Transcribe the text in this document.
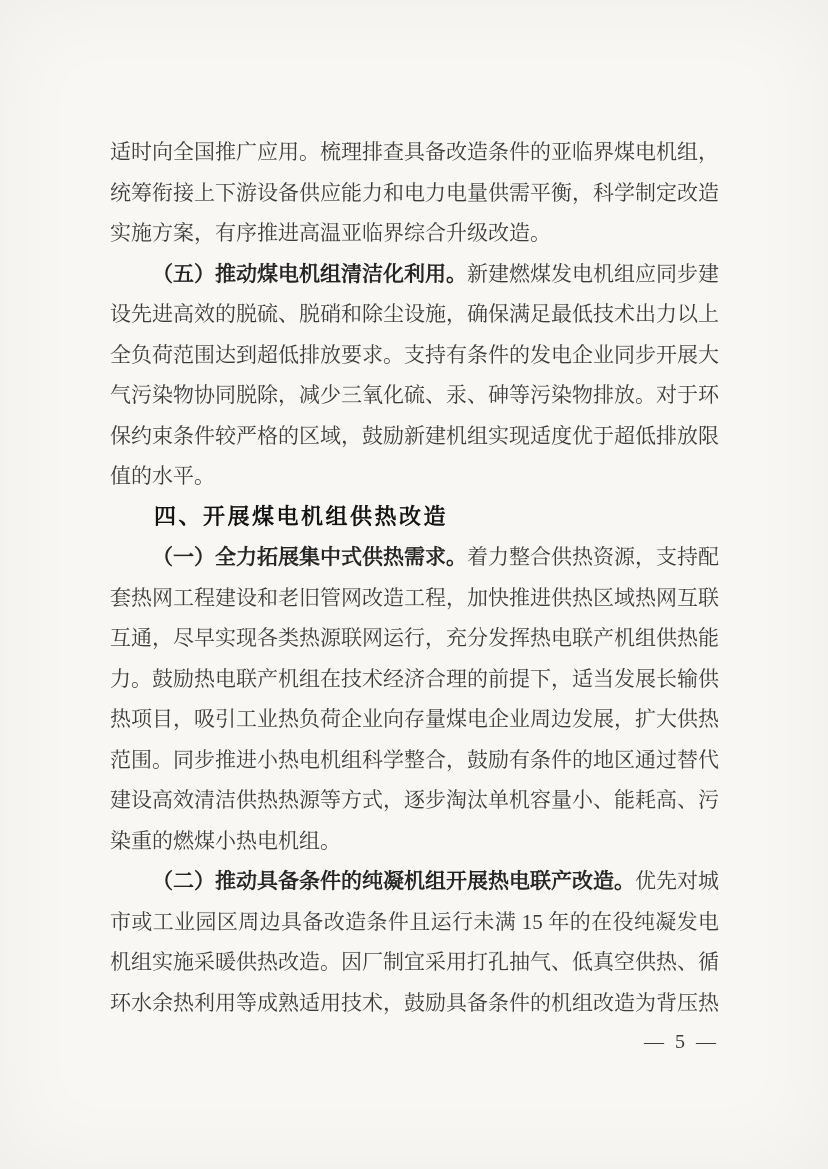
适时向全国推广应用。梳理排查具备改造条件的亚临界煤电机组，统筹衔接上下游设备供应能力和电力电量供需平衡，科学制定改造实施方案，有序推进高温亚临界综合升级改造。

（五）推动煤电机组清洁化利用。新建燃煤发电机组应同步建设先进高效的脱硫、脱硝和除尘设施，确保满足最低技术出力以上全负荷范围达到超低排放要求。支持有条件的发电企业同步开展大气污染物协同脱除，减少三氧化硫、汞、砷等污染物排放。对于环保约束条件较严格的区域，鼓励新建机组实现适度优于超低排放限值的水平。

四、开展煤电机组供热改造

（一）全力拓展集中式供热需求。着力整合供热资源，支持配套热网工程建设和老旧管网改造工程，加快推进供热区域热网互联互通，尽早实现各类热源联网运行，充分发挥热电联产机组供热能力。鼓励热电联产机组在技术经济合理的前提下，适当发展长输供热项目，吸引工业热负荷企业向存量煤电企业周边发展，扩大供热范围。同步推进小热电机组科学整合，鼓励有条件的地区通过替代建设高效清洁供热热源等方式，逐步淘汰单机容量小、能耗高、污染重的燃煤小热电机组。

（二）推动具备条件的纯凝机组开展热电联产改造。优先对城市或工业园区周边具备改造条件且运行未满 15 年的在役纯凝发电机组实施采暖供热改造。因厂制宜采用打孔抽气、低真空供热、循环水余热利用等成熟适用技术，鼓励具备条件的机组改造为背压热

— 5 —
